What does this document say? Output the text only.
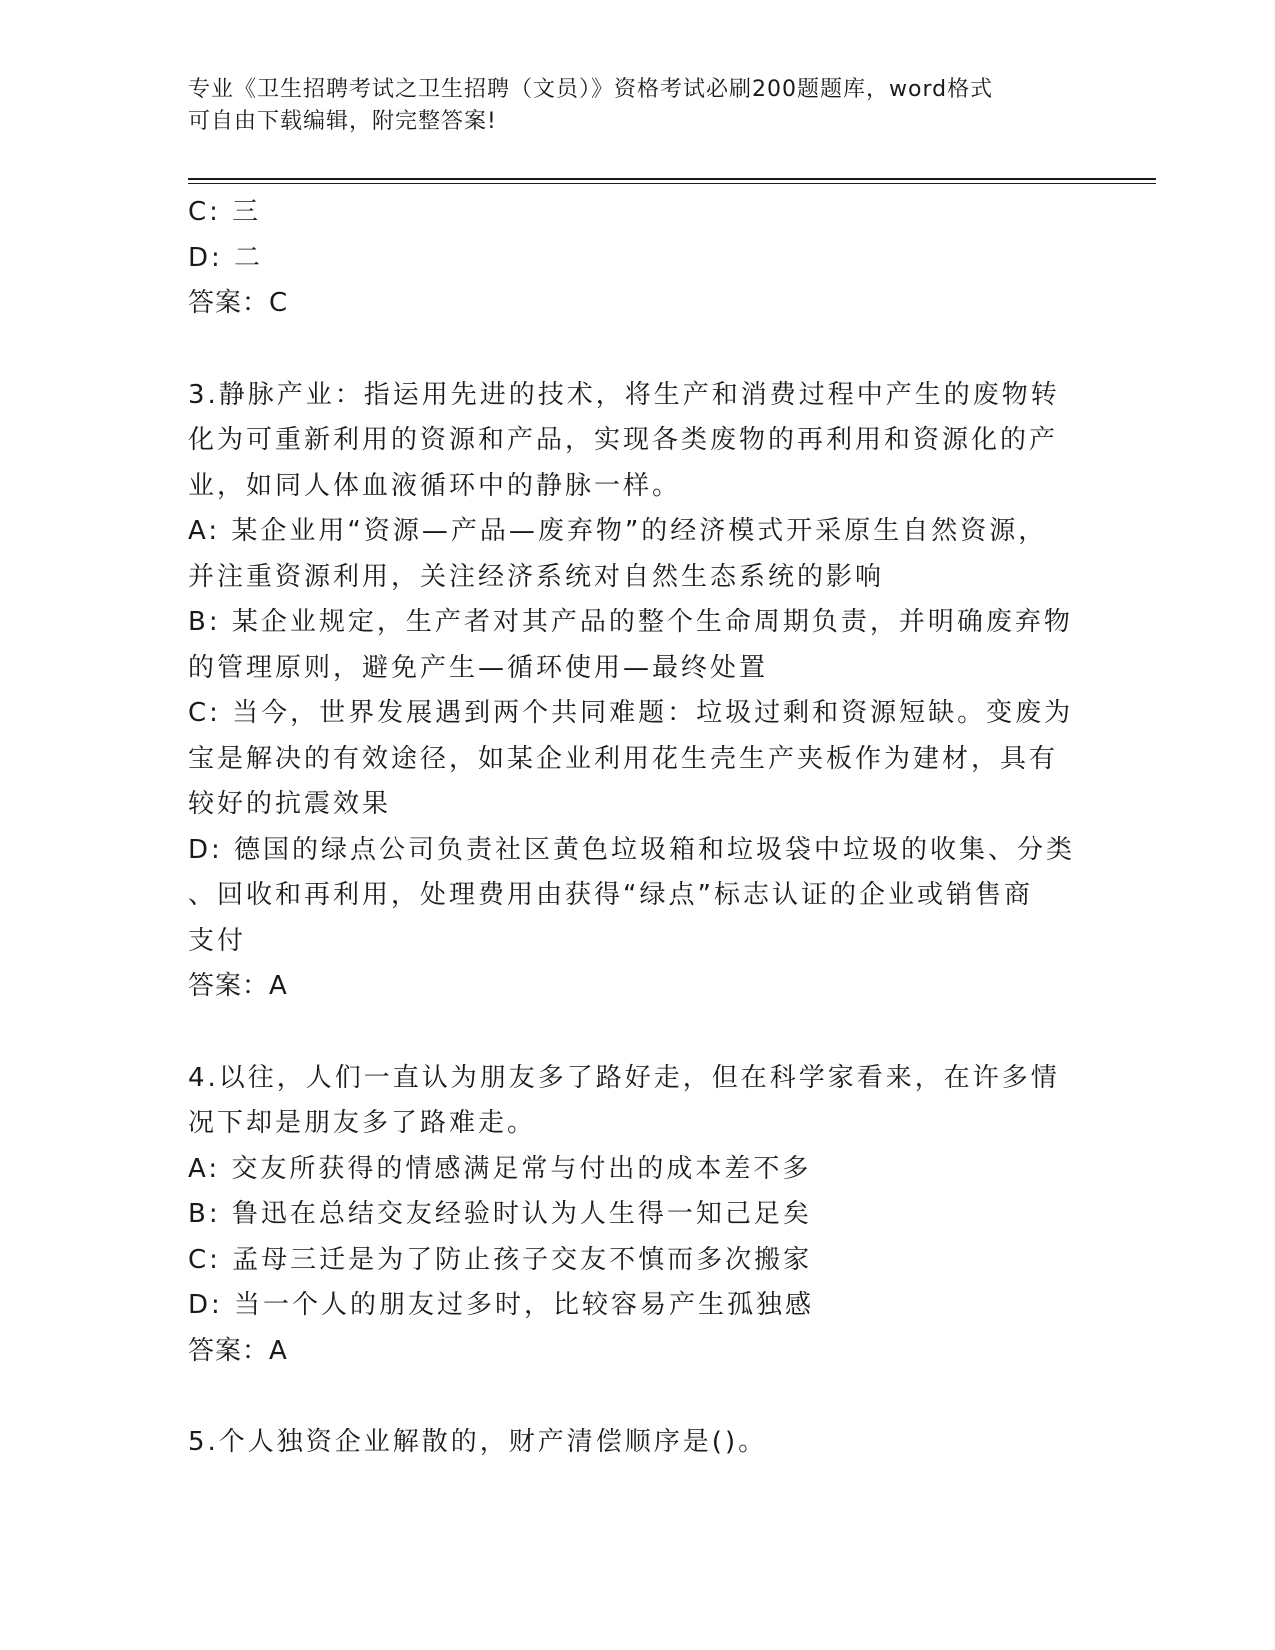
专业《卫生招聘考试之卫生招聘（文员）》资格考试必刷200题题库，word格式
可自由下载编辑，附完整答案!

C: 三

D: 二

答案：C

3.静脉产业：指运用先进的技术，将生产和消费过程中产生的废物转

化为可重新利用的资源和产品，实现各类废物的再利用和资源化的产

业，如同人体血液循环中的静脉一样。

A: 某企业用“资源—产品—废弃物”的经济模式开采原生自然资源，

并注重资源利用，关注经济系统对自然生态系统的影响

B: 某企业规定，生产者对其产品的整个生命周期负责，并明确废弃物

的管理原则，避免产生—循环使用—最终处置

C: 当今，世界发展遇到两个共同难题：垃圾过剩和资源短缺。变废为

宝是解决的有效途径，如某企业利用花生壳生产夹板作为建材，具有

较好的抗震效果

D: 德国的绿点公司负责社区黄色垃圾箱和垃圾袋中垃圾的收集、分类

、回收和再利用，处理费用由获得“绿点”标志认证的企业或销售商

支付

答案：A

4.以往，人们一直认为朋友多了路好走，但在科学家看来，在许多情

况下却是朋友多了路难走。

A: 交友所获得的情感满足常与付出的成本差不多

B: 鲁迅在总结交友经验时认为人生得一知己足矣

C: 孟母三迁是为了防止孩子交友不慎而多次搬家

D: 当一个人的朋友过多时，比较容易产生孤独感

答案：A

5.个人独资企业解散的，财产清偿顺序是()。
